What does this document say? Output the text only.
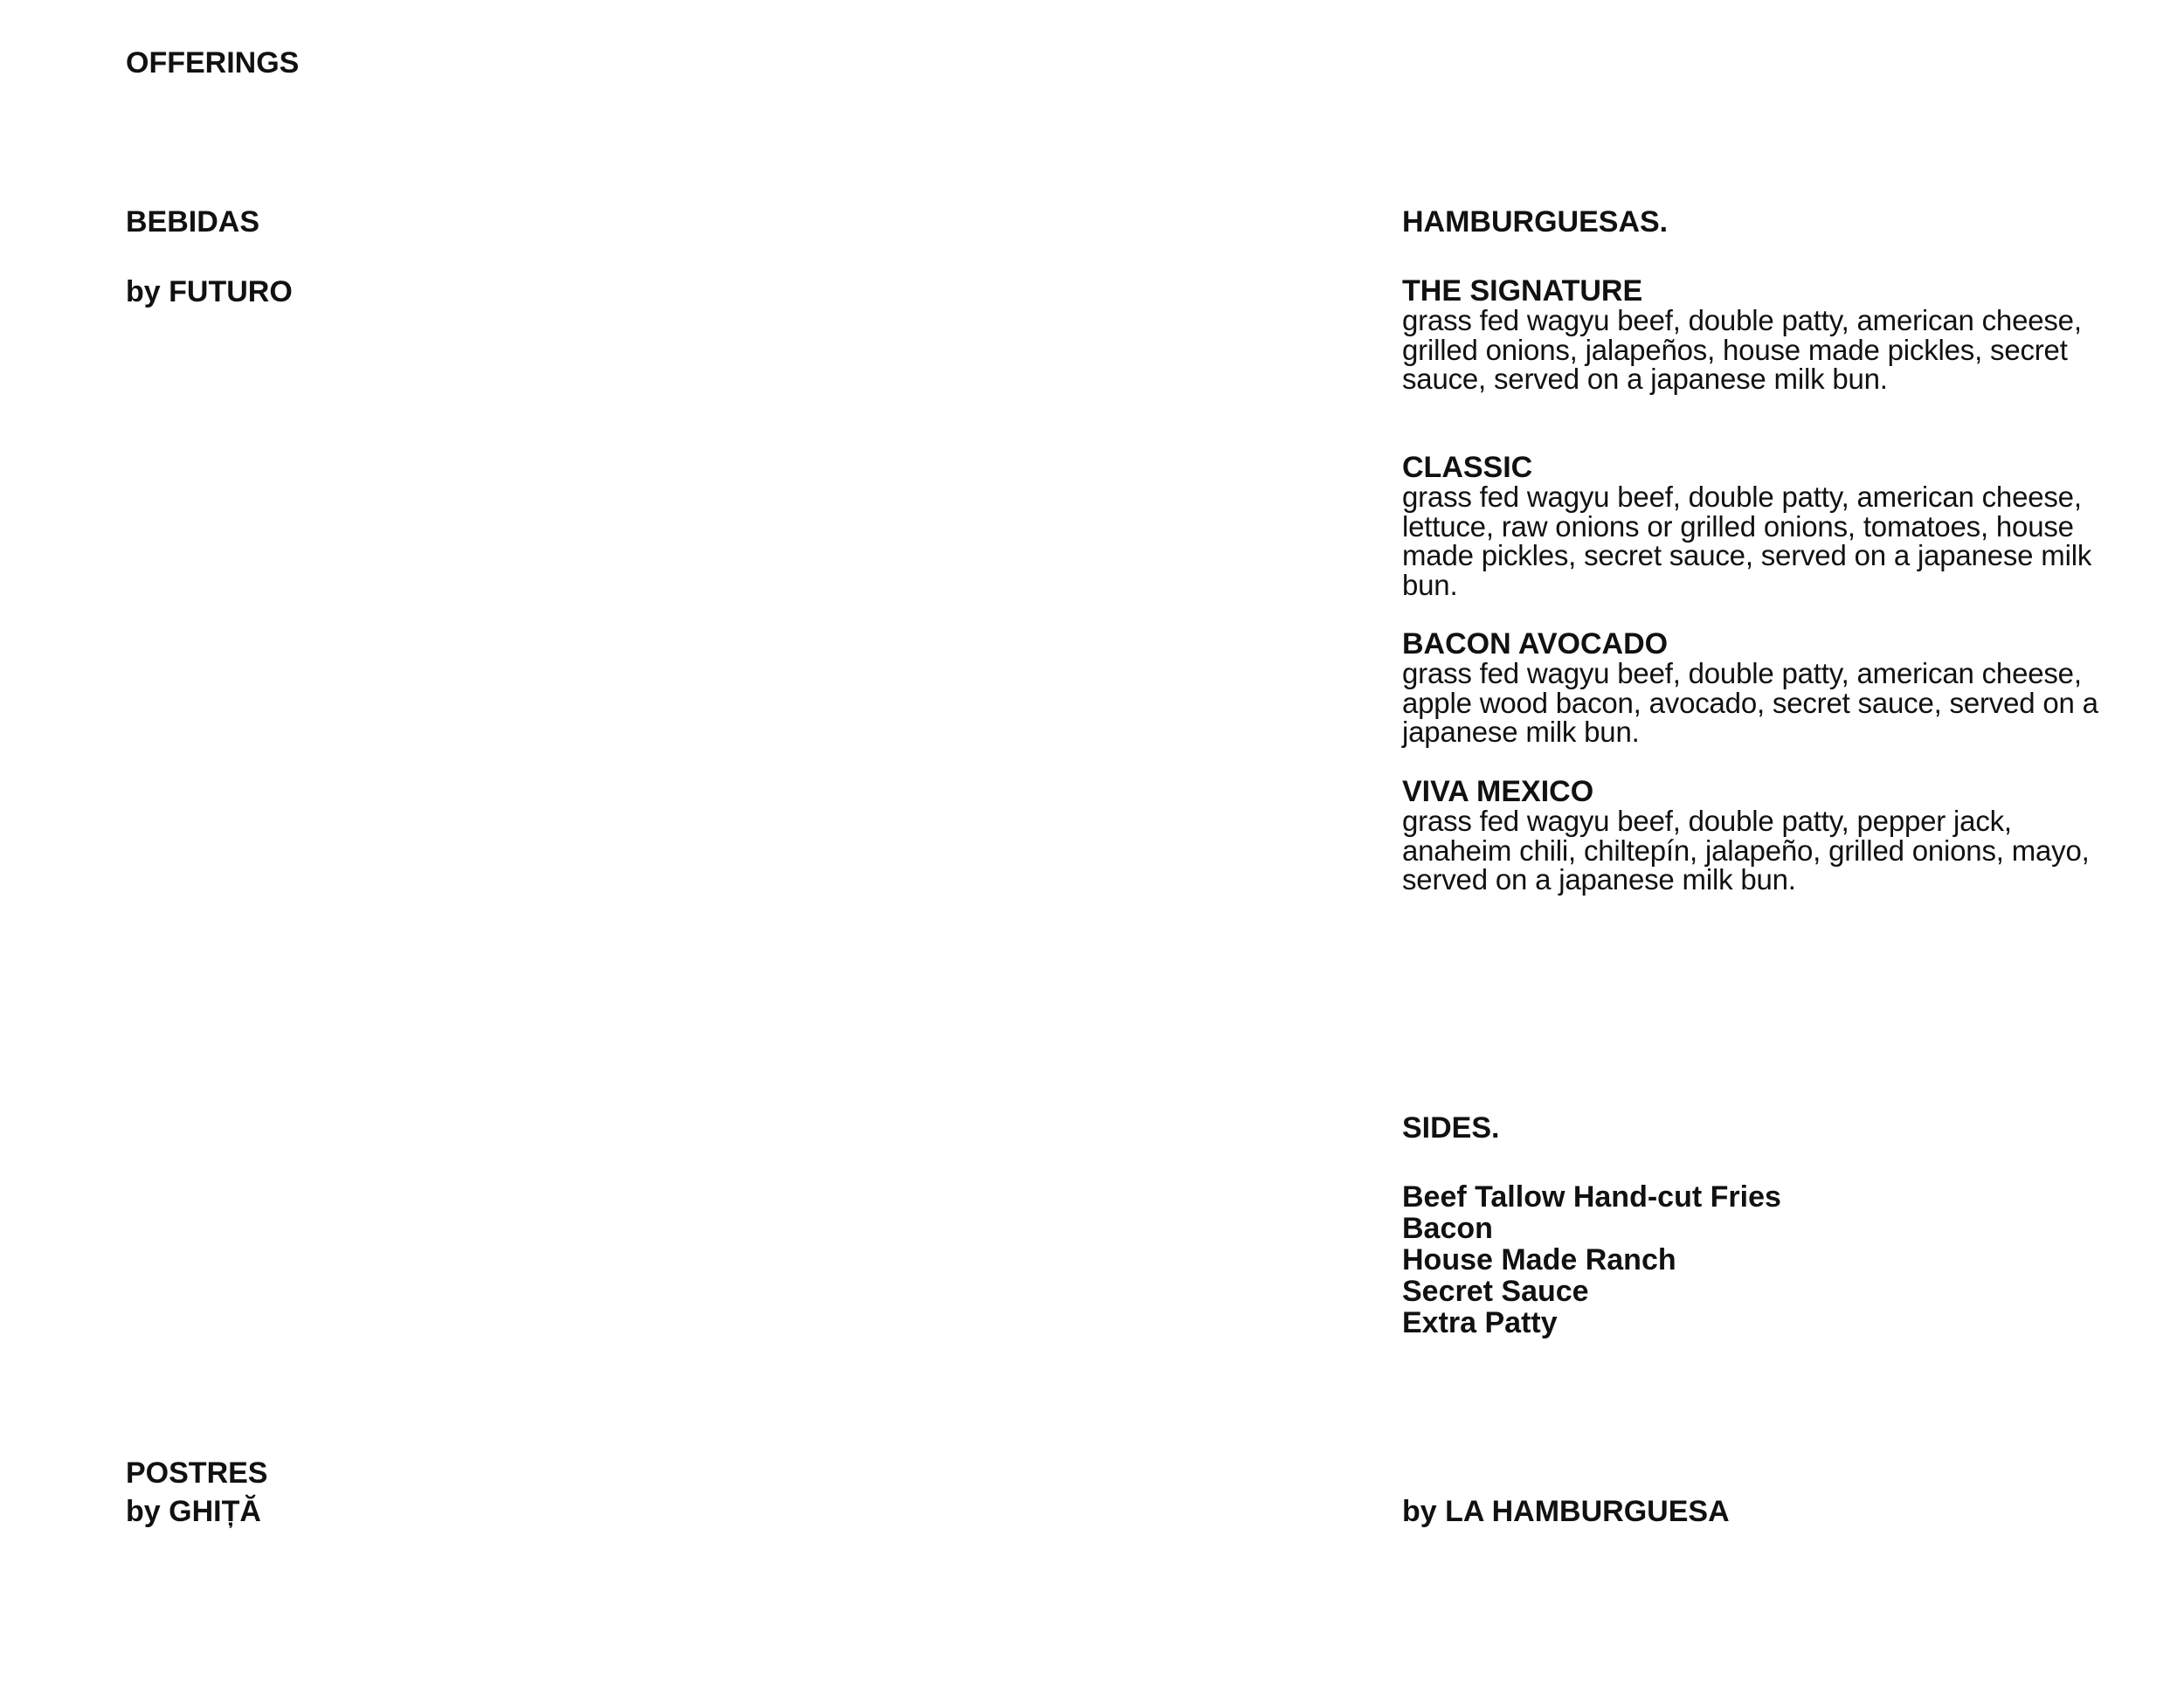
OFFERINGS
BEBIDAS
by FUTURO
POSTRES
by GHIȚĂ
HAMBURGUESAS.

THE SIGNATURE

grass fed wagyu beef, double patty, american cheese, grilled onions, jalapeños, house made pickles, secret sauce, served on a japanese milk bun.

CLASSIC

grass fed wagyu beef, double patty, american cheese, lettuce, raw onions or grilled onions, tomatoes, house made pickles, secret sauce, served on a japanese milk bun.

BACON AVOCADO

grass fed wagyu beef, double patty, american cheese, apple wood bacon, avocado, secret sauce, served on a japanese milk bun.

VIVA MEXICO

grass fed wagyu beef, double patty, pepper jack, anaheim chili, chiltepín, jalapeño, grilled onions, mayo, served on a japanese milk bun.

SIDES.
Beef Tallow Hand-cut Fries
Bacon
House Made Ranch
Secret Sauce
Extra Patty
by LA HAMBURGUESA
